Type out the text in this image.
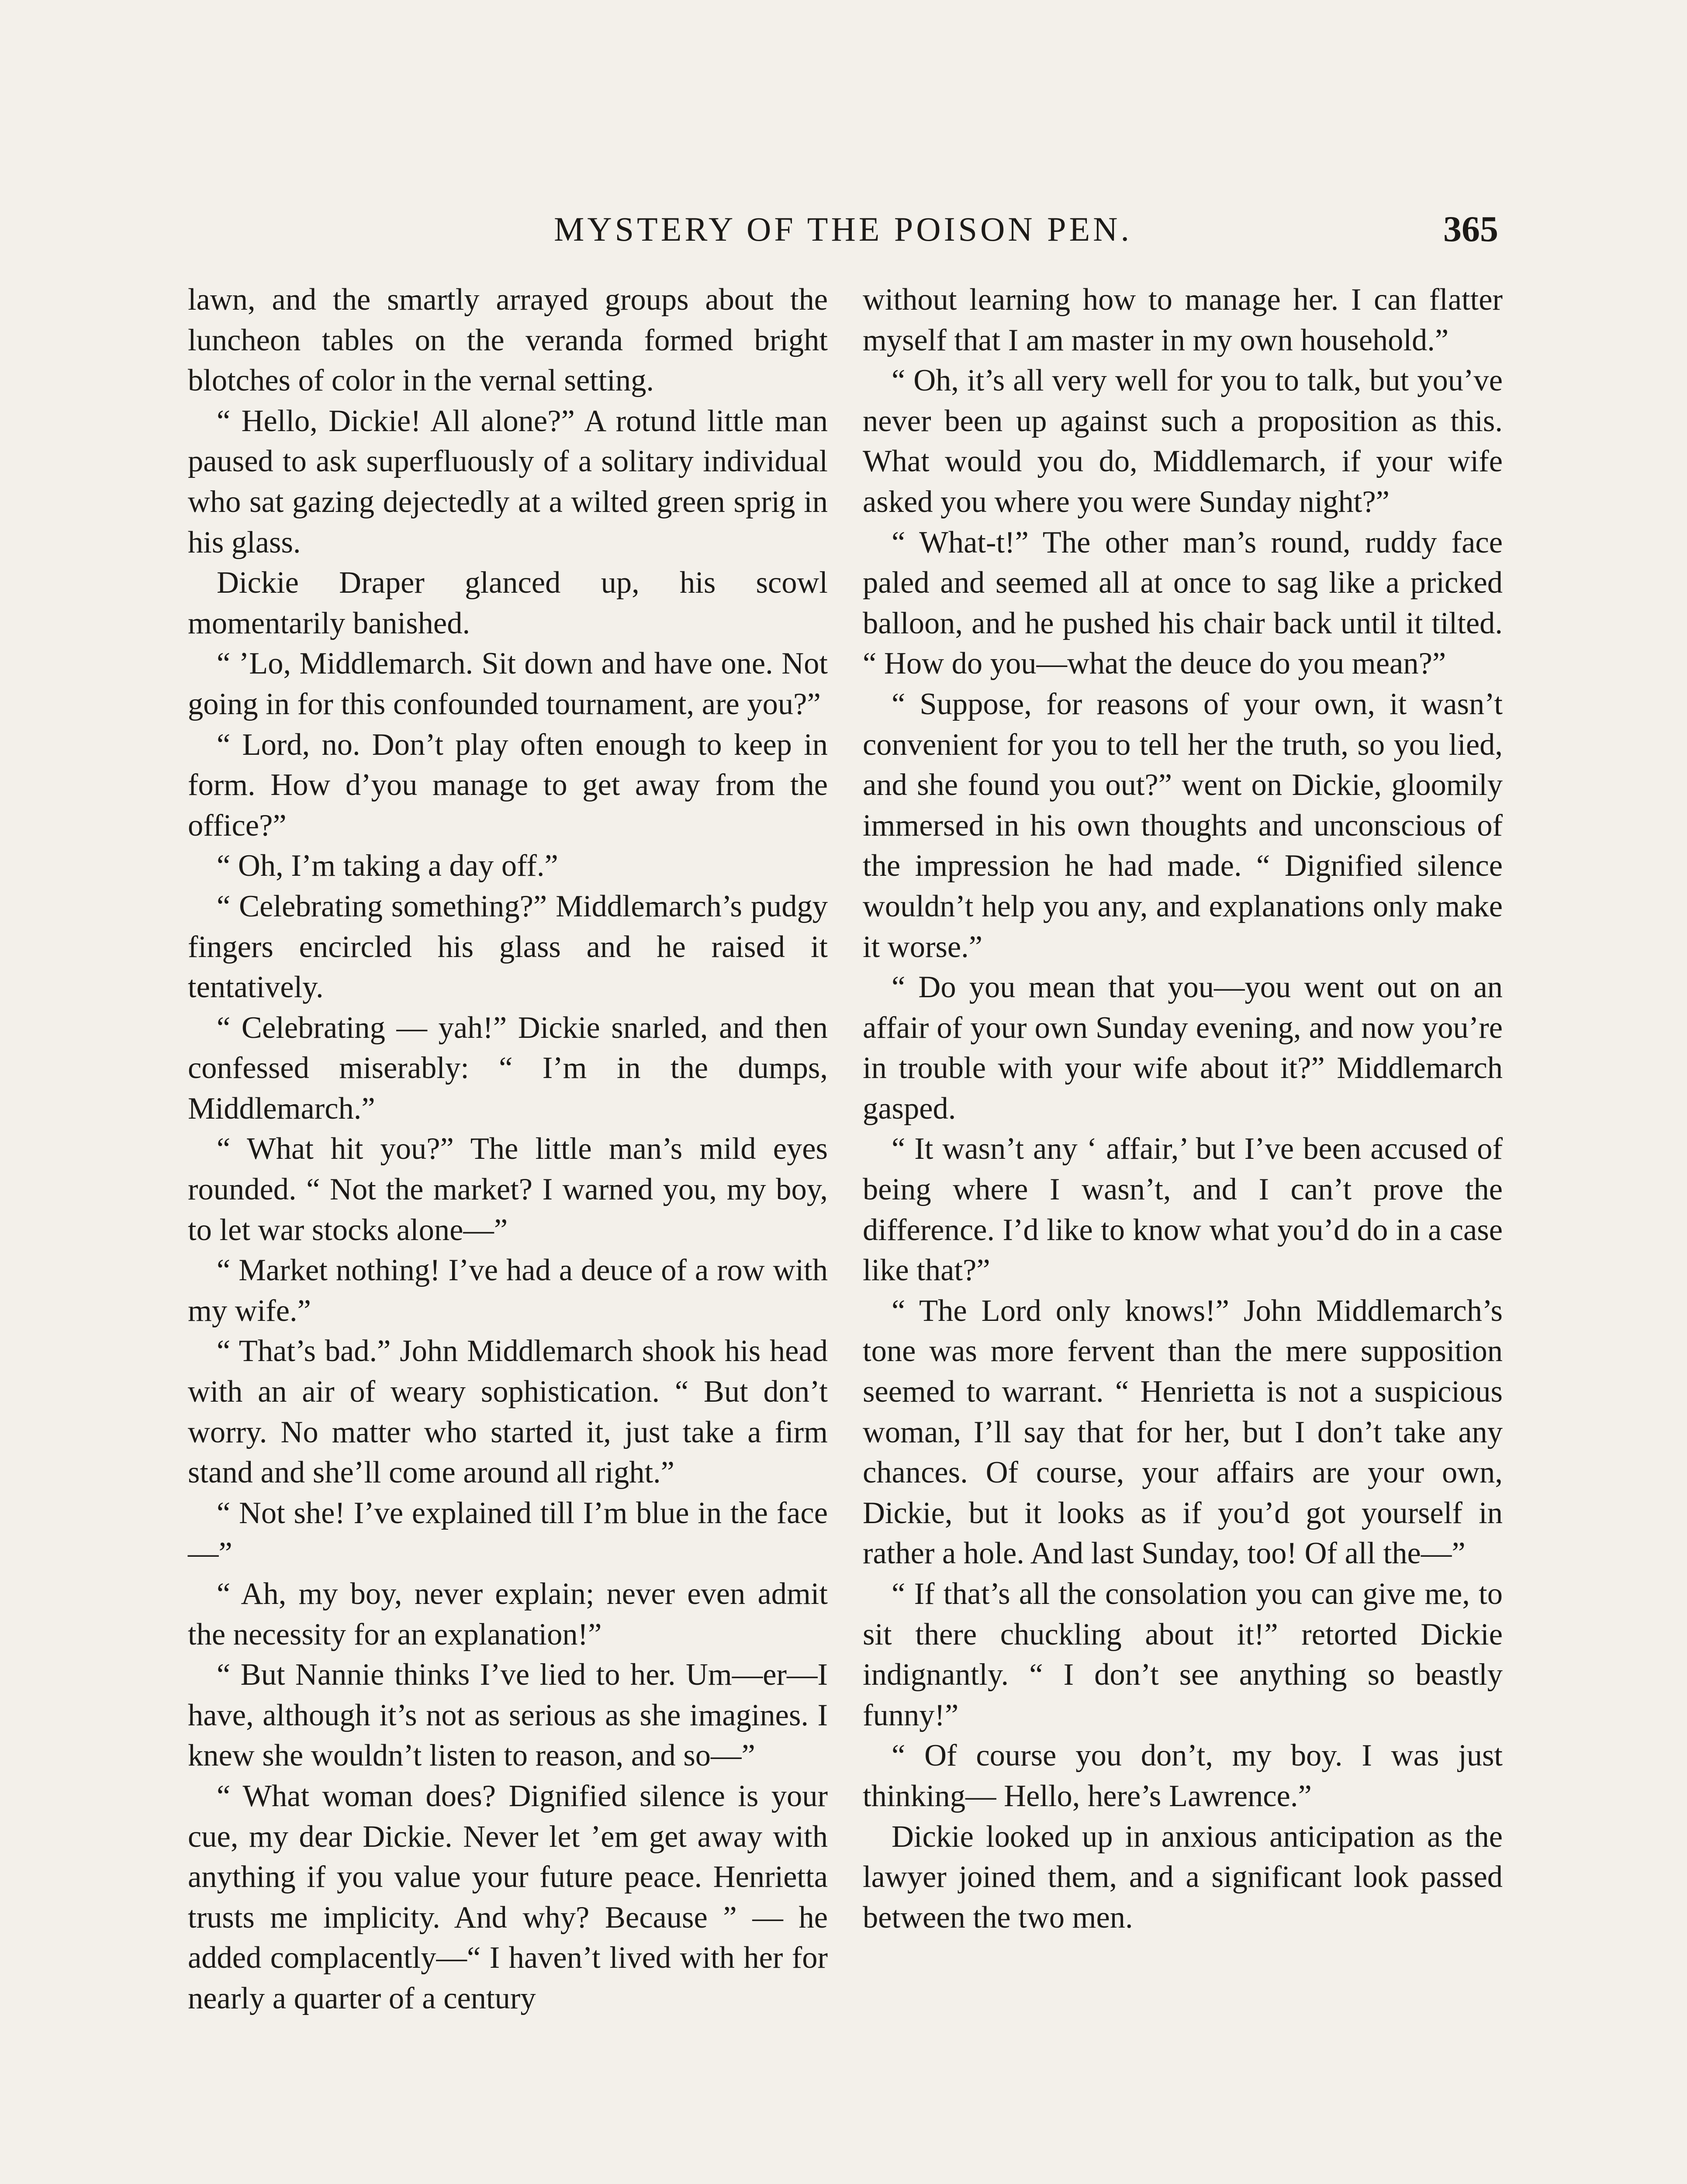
MYSTERY OF THE POISON PEN.	365

lawn, and the smartly arrayed groups about the luncheon tables on the veranda formed bright blotches of color in the vernal setting.

“ Hello, Dickie! All alone?” A rotund little man paused to ask superfluously of a solitary individual who sat gazing dejectedly at a wilted green sprig in his glass.

Dickie Draper glanced up, his scowl momentarily banished.

“ ’Lo, Middlemarch. Sit down and have one. Not going in for this confounded tournament, are you?”

“ Lord, no. Don’t play often enough to keep in form. How d’you manage to get away from the office?”

“ Oh, I’m taking a day off.”

“ Celebrating something?” Middlemarch’s pudgy fingers encircled his glass and he raised it tentatively.

“ Celebrating — yah!” Dickie snarled, and then confessed miserably: “ I’m in the dumps, Middlemarch.”

“ What hit you?” The little man’s mild eyes rounded. “ Not the market? I warned you, my boy, to let war stocks alone—”

“ Market nothing! I’ve had a deuce of a row with my wife.”

“ That’s bad.” John Middlemarch shook his head with an air of weary sophistication. “ But don’t worry. No matter who started it, just take a firm stand and she’ll come around all right.”

“ Not she! I’ve explained till I’m blue in the face—”

“ Ah, my boy, never explain; never even admit the necessity for an explanation!”

“ But Nannie thinks I’ve lied to her. Um—er—I have, although it’s not as serious as she imagines. I knew she wouldn’t listen to reason, and so—”

“ What woman does? Dignified silence is your cue, my dear Dickie. Never let ’em get away with anything if you value your future peace. Henrietta trusts me implicity. And why? Because ” — he added complacently—“ I haven’t lived with her for nearly a quarter of a century

without learning how to manage her. I can flatter myself that I am master in my own household.”

“ Oh, it’s all very well for you to talk, but you’ve never been up against such a proposition as this. What would you do, Middlemarch, if your wife asked you where you were Sunday night?”

“ What-t!” The other man’s round, ruddy face paled and seemed all at once to sag like a pricked balloon, and he pushed his chair back until it tilted. “ How do you—what the deuce do you mean?”

“ Suppose, for reasons of your own, it wasn’t convenient for you to tell her the truth, so you lied, and she found you out?” went on Dickie, gloomily immersed in his own thoughts and unconscious of the impression he had made. “ Dignified silence wouldn’t help you any, and explanations only make it worse.”

“ Do you mean that you—you went out on an affair of your own Sunday evening, and now you’re in trouble with your wife about it?” Middlemarch gasped.

“ It wasn’t any ‘ affair,’ but I’ve been accused of being where I wasn’t, and I can’t prove the difference. I’d like to know what you’d do in a case like that?”

“ The Lord only knows!” John Middlemarch’s tone was more fervent than the mere supposition seemed to warrant. “ Henrietta is not a suspicious woman, I’ll say that for her, but I don’t take any chances. Of course, your affairs are your own, Dickie, but it looks as if you’d got yourself in rather a hole. And last Sunday, too! Of all the—”

“ If that’s all the consolation you can give me, to sit there chuckling about it!” retorted Dickie indignantly. “ I don’t see anything so beastly funny!”

“ Of course you don’t, my boy. I was just thinking— Hello, here’s Lawrence.”

Dickie looked up in anxious anticipation as the lawyer joined them, and a significant look passed between the two men.
